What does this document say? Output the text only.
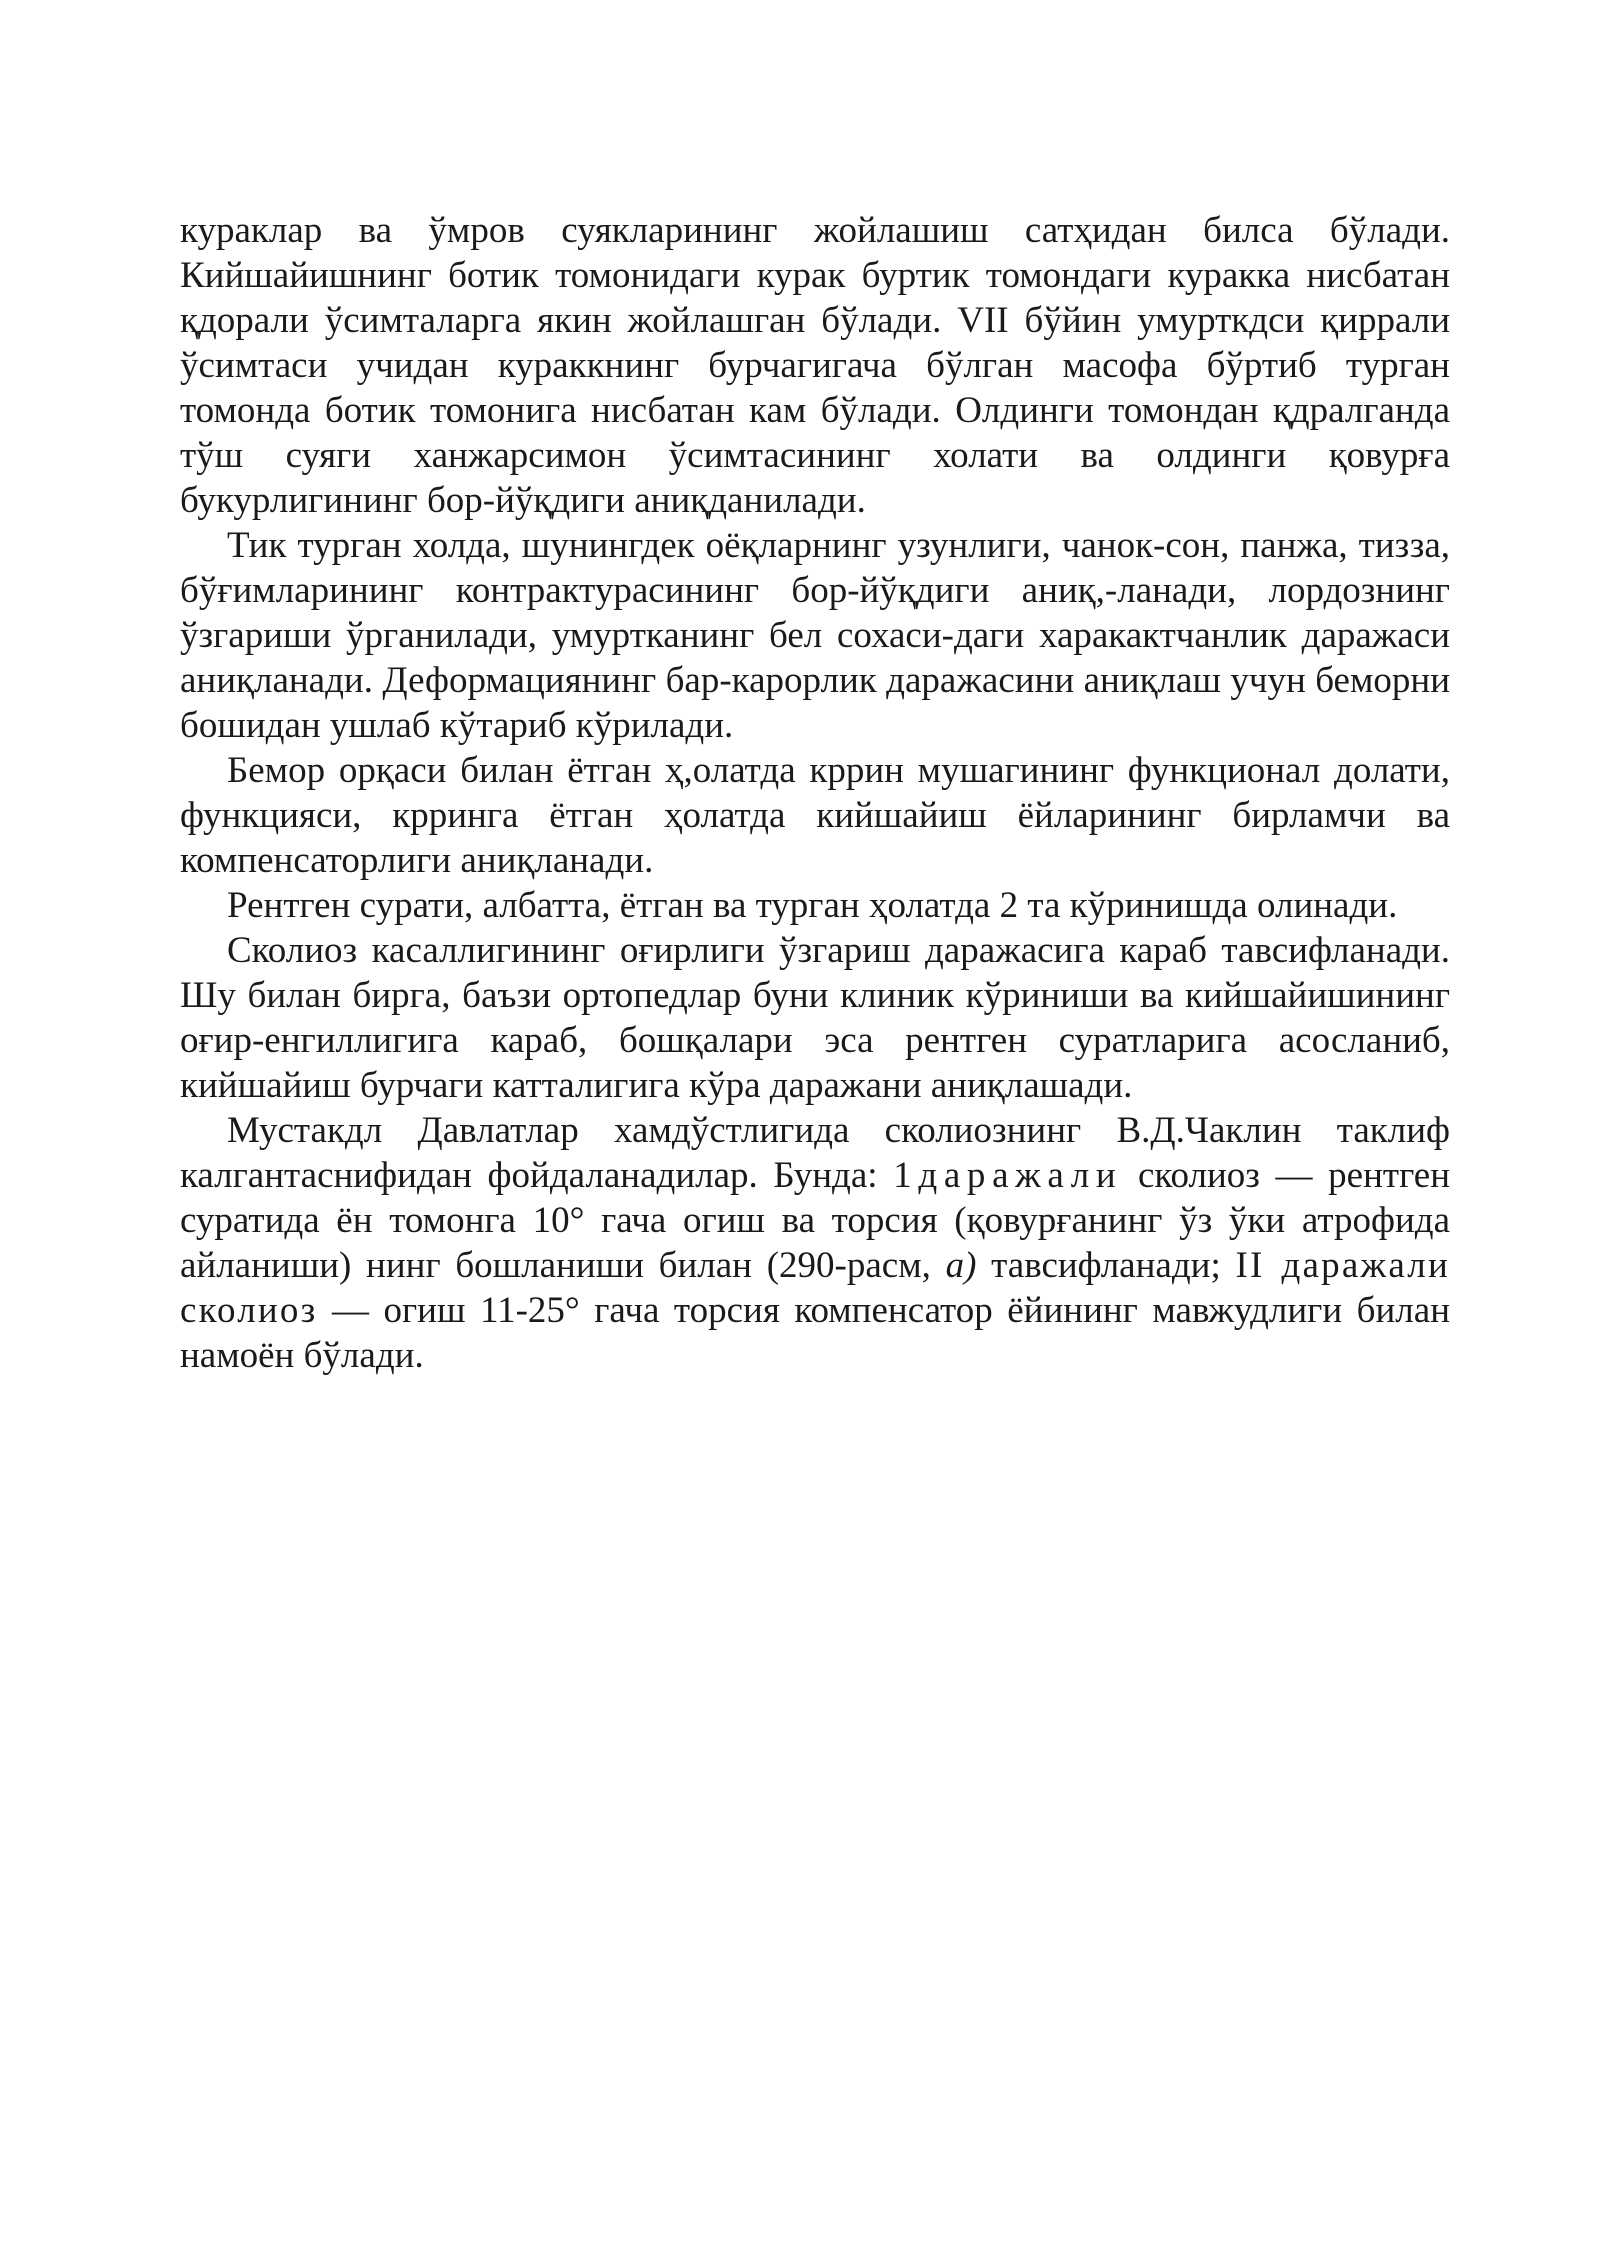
кураклар ва ўмров суякларининг жойлашиш сатҳидан билса бўлади. Кийшайишнинг ботик томонидаги курак буртик томондаги куракка нисбатан қдорали ўсимталарга якин жойлашган бўлади. VII бўйин умурткдси қиррали ўсимтаси учидан кураккнинг бурчагигача бўлган масофа бўртиб турган томонда ботик томонига нисбатан кам бўлади. Олдинги томондан қдралганда тўш суяги ханжарсимон ўсимтасининг холати ва олдинги қовурға букурлигининг бор-йўқдиги аниқданилади.

Тик турган холда, шунингдек оёқларнинг узунлиги, чанок-сон, панжа, тизза, бўғимларининг контрактурасининг бор-йўқдиги аниқ,-ланади, лордознинг ўзгариши ўрганилади, умуртканинг бел сохаси-даги харакактчанлик даражаси аниқланади. Деформациянинг бар-карорлик даражасини аниқлаш учун беморни бошидан ушлаб кўтариб кўрилади.

Бемор орқаси билан ётган ҳ,олатда кррин мушагининг функционал долати, функцияси, кррингa ётган ҳолатда кийшайиш ёйларининг бирламчи ва компенсаторлиги аниқланади.

Рентген сурати, албатта, ётган ва турган ҳолатда 2 та кўринишда олинади.

Сколиоз касаллигининг оғирлиги ўзгариш даражасига караб тавсифланади. Шу билан бирга, баъзи ортопедлар буни клиник кўриниши ва кийшайишининг оғир-енгиллигига караб, бошқалари эса рентген суратларига асосланиб, кийшайиш бурчаги катталигига кўра даражани аниқлашади.

Мустакдл Давлатлар хамдўстлигида сколиознинг В.Д.Чаклин таклиф калгантаснифидан фойдаланадилар. Бунда: 1даражали сколиоз — рентген суратида ён томонга 10° гача огиш ва торсия (қовурғанинг ўз ўки атрофида айланиши) нинг бошланиши билан (290-расм, а) тавсифланади; II даражали сколиоз — огиш 11-25° гача торсия компенсатор ёйининг мавжудлиги билан намоён бўлади.
